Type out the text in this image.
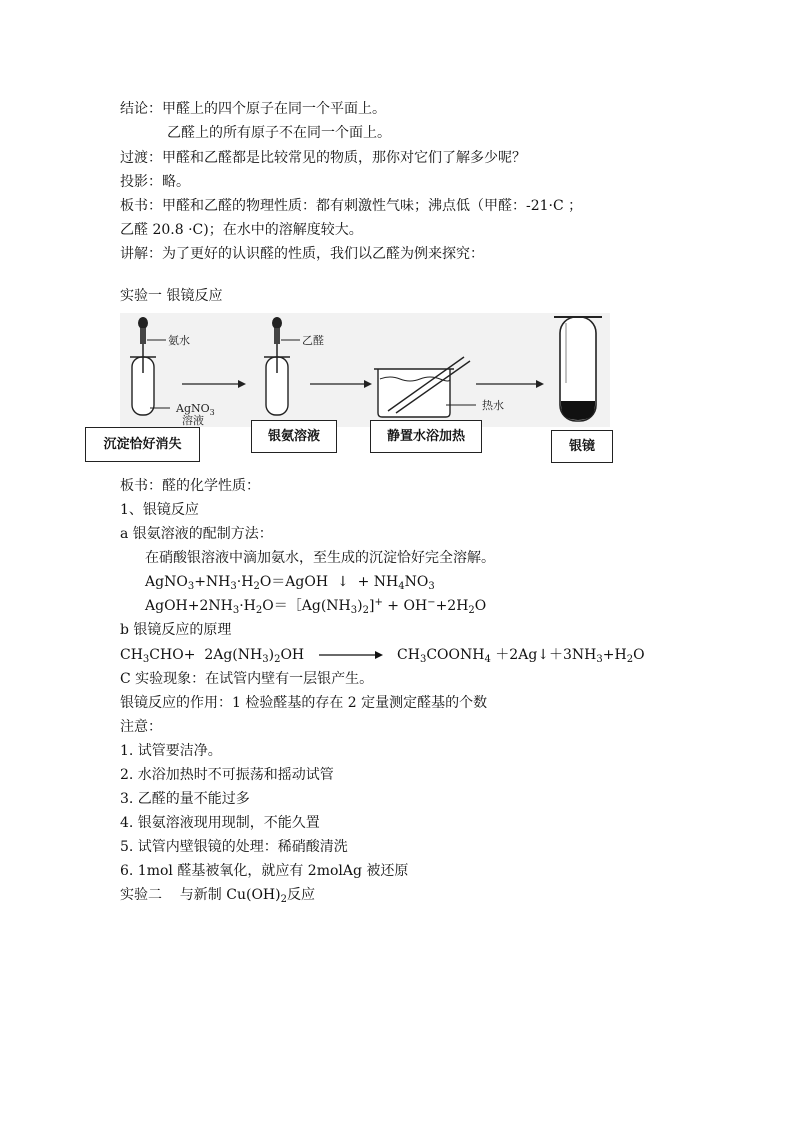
结论：甲醛上的四个原子在同一个平面上。
乙醛上的所有原子不在同一个面上。
过渡：甲醛和乙醛都是比较常见的物质，那你对它们了解多少呢？
投影：略。
板书：甲醛和乙醛的物理性质：都有刺激性气味；沸点低（甲醛：-21·C ；
乙醛 20.8 ·C)；在水中的溶解度较大。
讲解：为了更好的认识醛的性质，我们以乙醛为例来探究：
实验一 银镜反应
氨水
AgNO$_3$
溶液
乙醛
热水
沉淀恰好消失
银氨溶液	静置水浴加热
银镜
板书：醛的化学性质：
1、银镜反应
a 银氨溶液的配制方法：
在硝酸银溶液中滴加氨水，至生成的沉淀恰好完全溶解。
$AgNO_3+NH_3\cdot H_2O=AgOH$  ↓  + $NH_4NO_3$
$AgOH+2NH_3\cdot H_2O=[Ag(NH_3)_2]^+ + OH^-+2H_2O$
b 银镜反应的原理
$CH_3CHO+ 2Ag(NH_3)_2OH$	$CH_3COONH_4$ $+2Ag↓+3NH_3+H_2O$
C 实验现象：在试管内壁有一层银产生。
银镜反应的作用：1 检验醛基的存在 2 定量测定醛基的个数
注意：
1. 试管要洁净。
2. 水浴加热时不可振荡和摇动试管
3. 乙醛的量不能过多
4. 银氨溶液现用现制，不能久置
5. 试管内壁银镜的处理：稀硝酸清洗
6. 1mol 醛基被氧化，就应有 2molAg 被还原
实验二    与新制 $Cu(OH)_2$反应
